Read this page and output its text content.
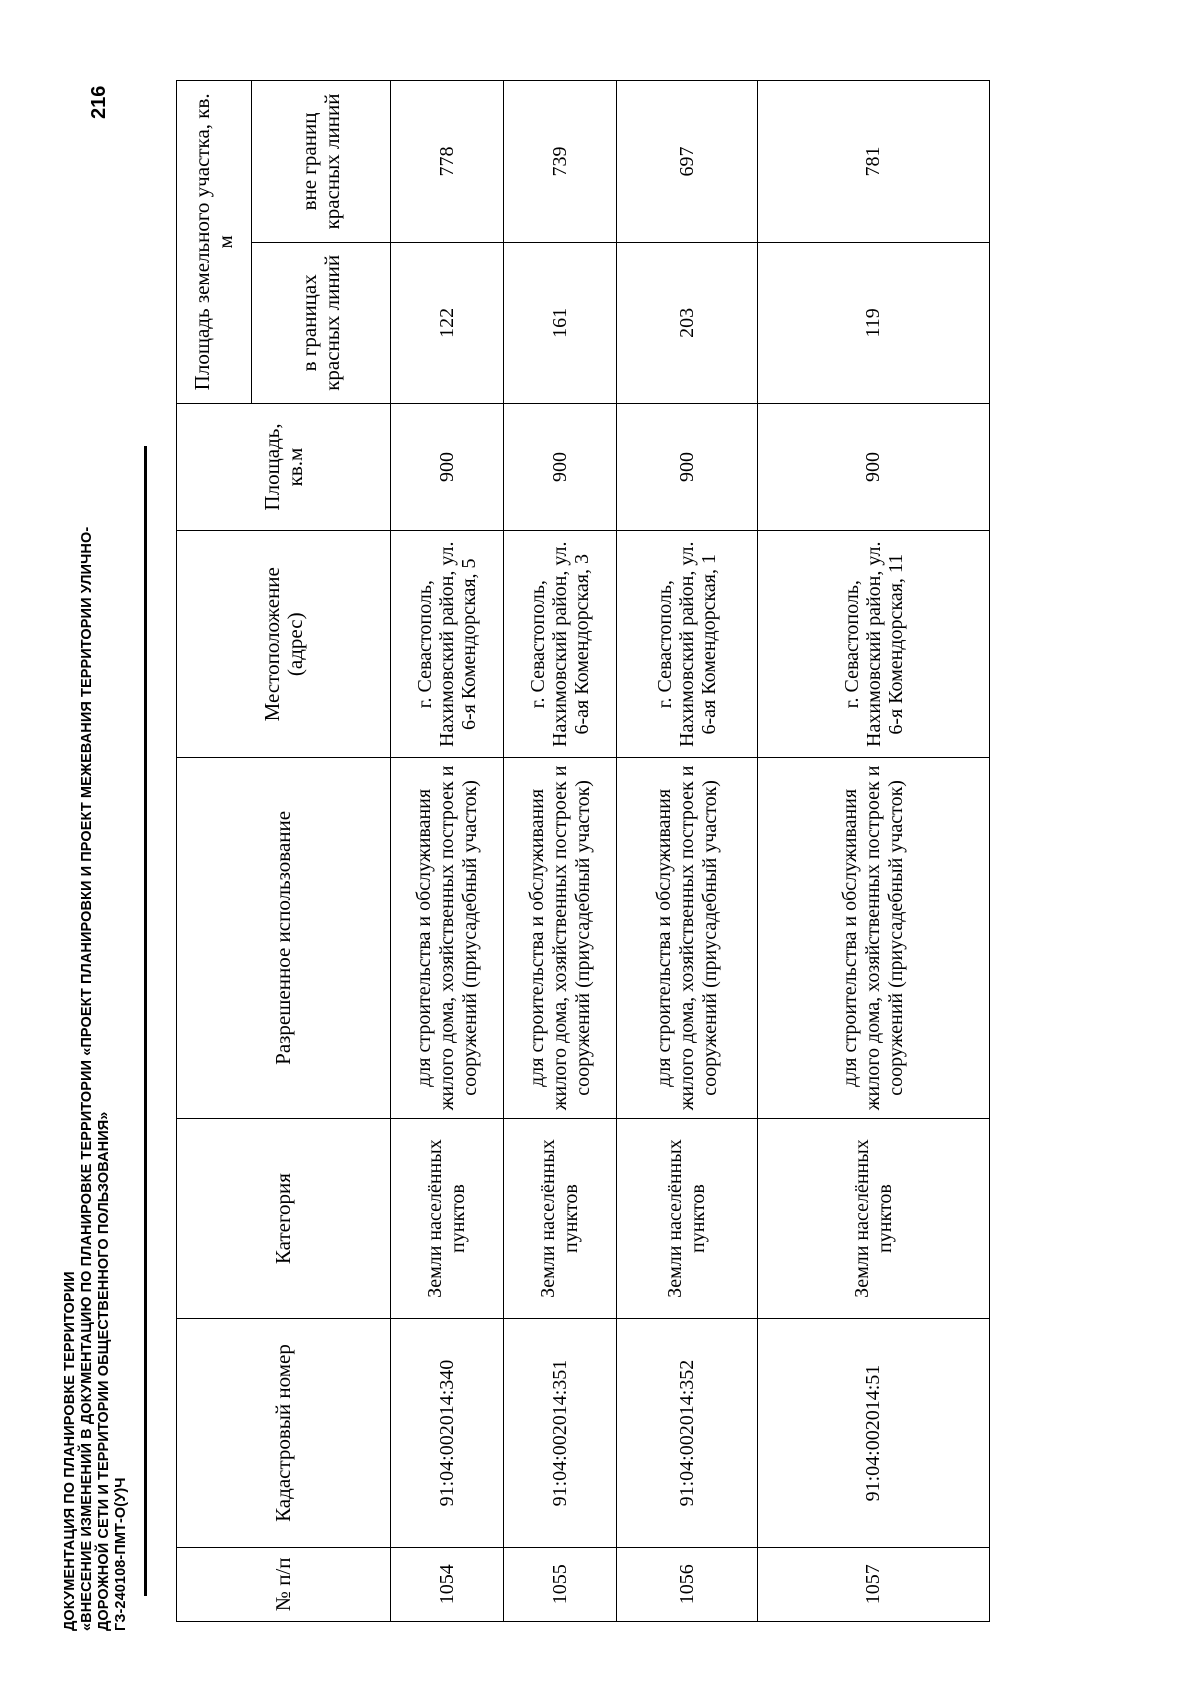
ДОКУМЕНТАЦИЯ ПО ПЛАНИРОВКЕ ТЕРРИТОРИИ «ВНЕСЕНИЕ ИЗМЕНЕНИЙ В ДОКУМЕНТАЦИЮ ПО ПЛАНИРОВКЕ ТЕРРИТОРИИ «ПРОЕКТ ПЛАНИРОВКИ И ПРОЕКТ МЕЖЕВАНИЯ ТЕРРИТОРИИ УЛИЧНО- ДОРОЖНОЙ СЕТИ И ТЕРРИТОРИИ ОБЩЕСТВЕННОГО ПОЛЬЗОВАНИЯ» ГЗ-240108-ПМТ-О(У)Ч
216
№ п/п	Кадастровый номер	Категория	Разрешенное использование	Местоположение (адрес)	Площадь, кв.м	Площадь земельного участка, кв. м	
						в границах красных линий	вне границ красных линий
1054	91:04:002014:340	Земли населённых пунктов	для строительства и обслуживания жилого дома, хозяйственных построек и сооружений (приусадебный участок)	г. Севастополь, Нахимовский район, ул. 6-я Комендорская, 5	900	122	778
1055	91:04:002014:351	Земли населённых пунктов	для строительства и обслуживания жилого дома, хозяйственных построек и сооружений (приусадебный участок)	г. Севастополь, Нахимовский район, ул. 6-ая Комендорская, 3	900	161	739
1056	91:04:002014:352	Земли населённых пунктов	для строительства и обслуживания жилого дома, хозяйственных построек и сооружений (приусадебный участок)	г. Севастополь, Нахимовский район, ул. 6-ая Комендорская, 1	900	203	697
1057	91:04:002014:51	Земли населённых пунктов	для строительства и обслуживания жилого дома, хозяйственных построек и сооружений (приусадебный участок)	г. Севастополь, Нахимовский район, ул. 6-я Комендорская, 11	900	119	781
